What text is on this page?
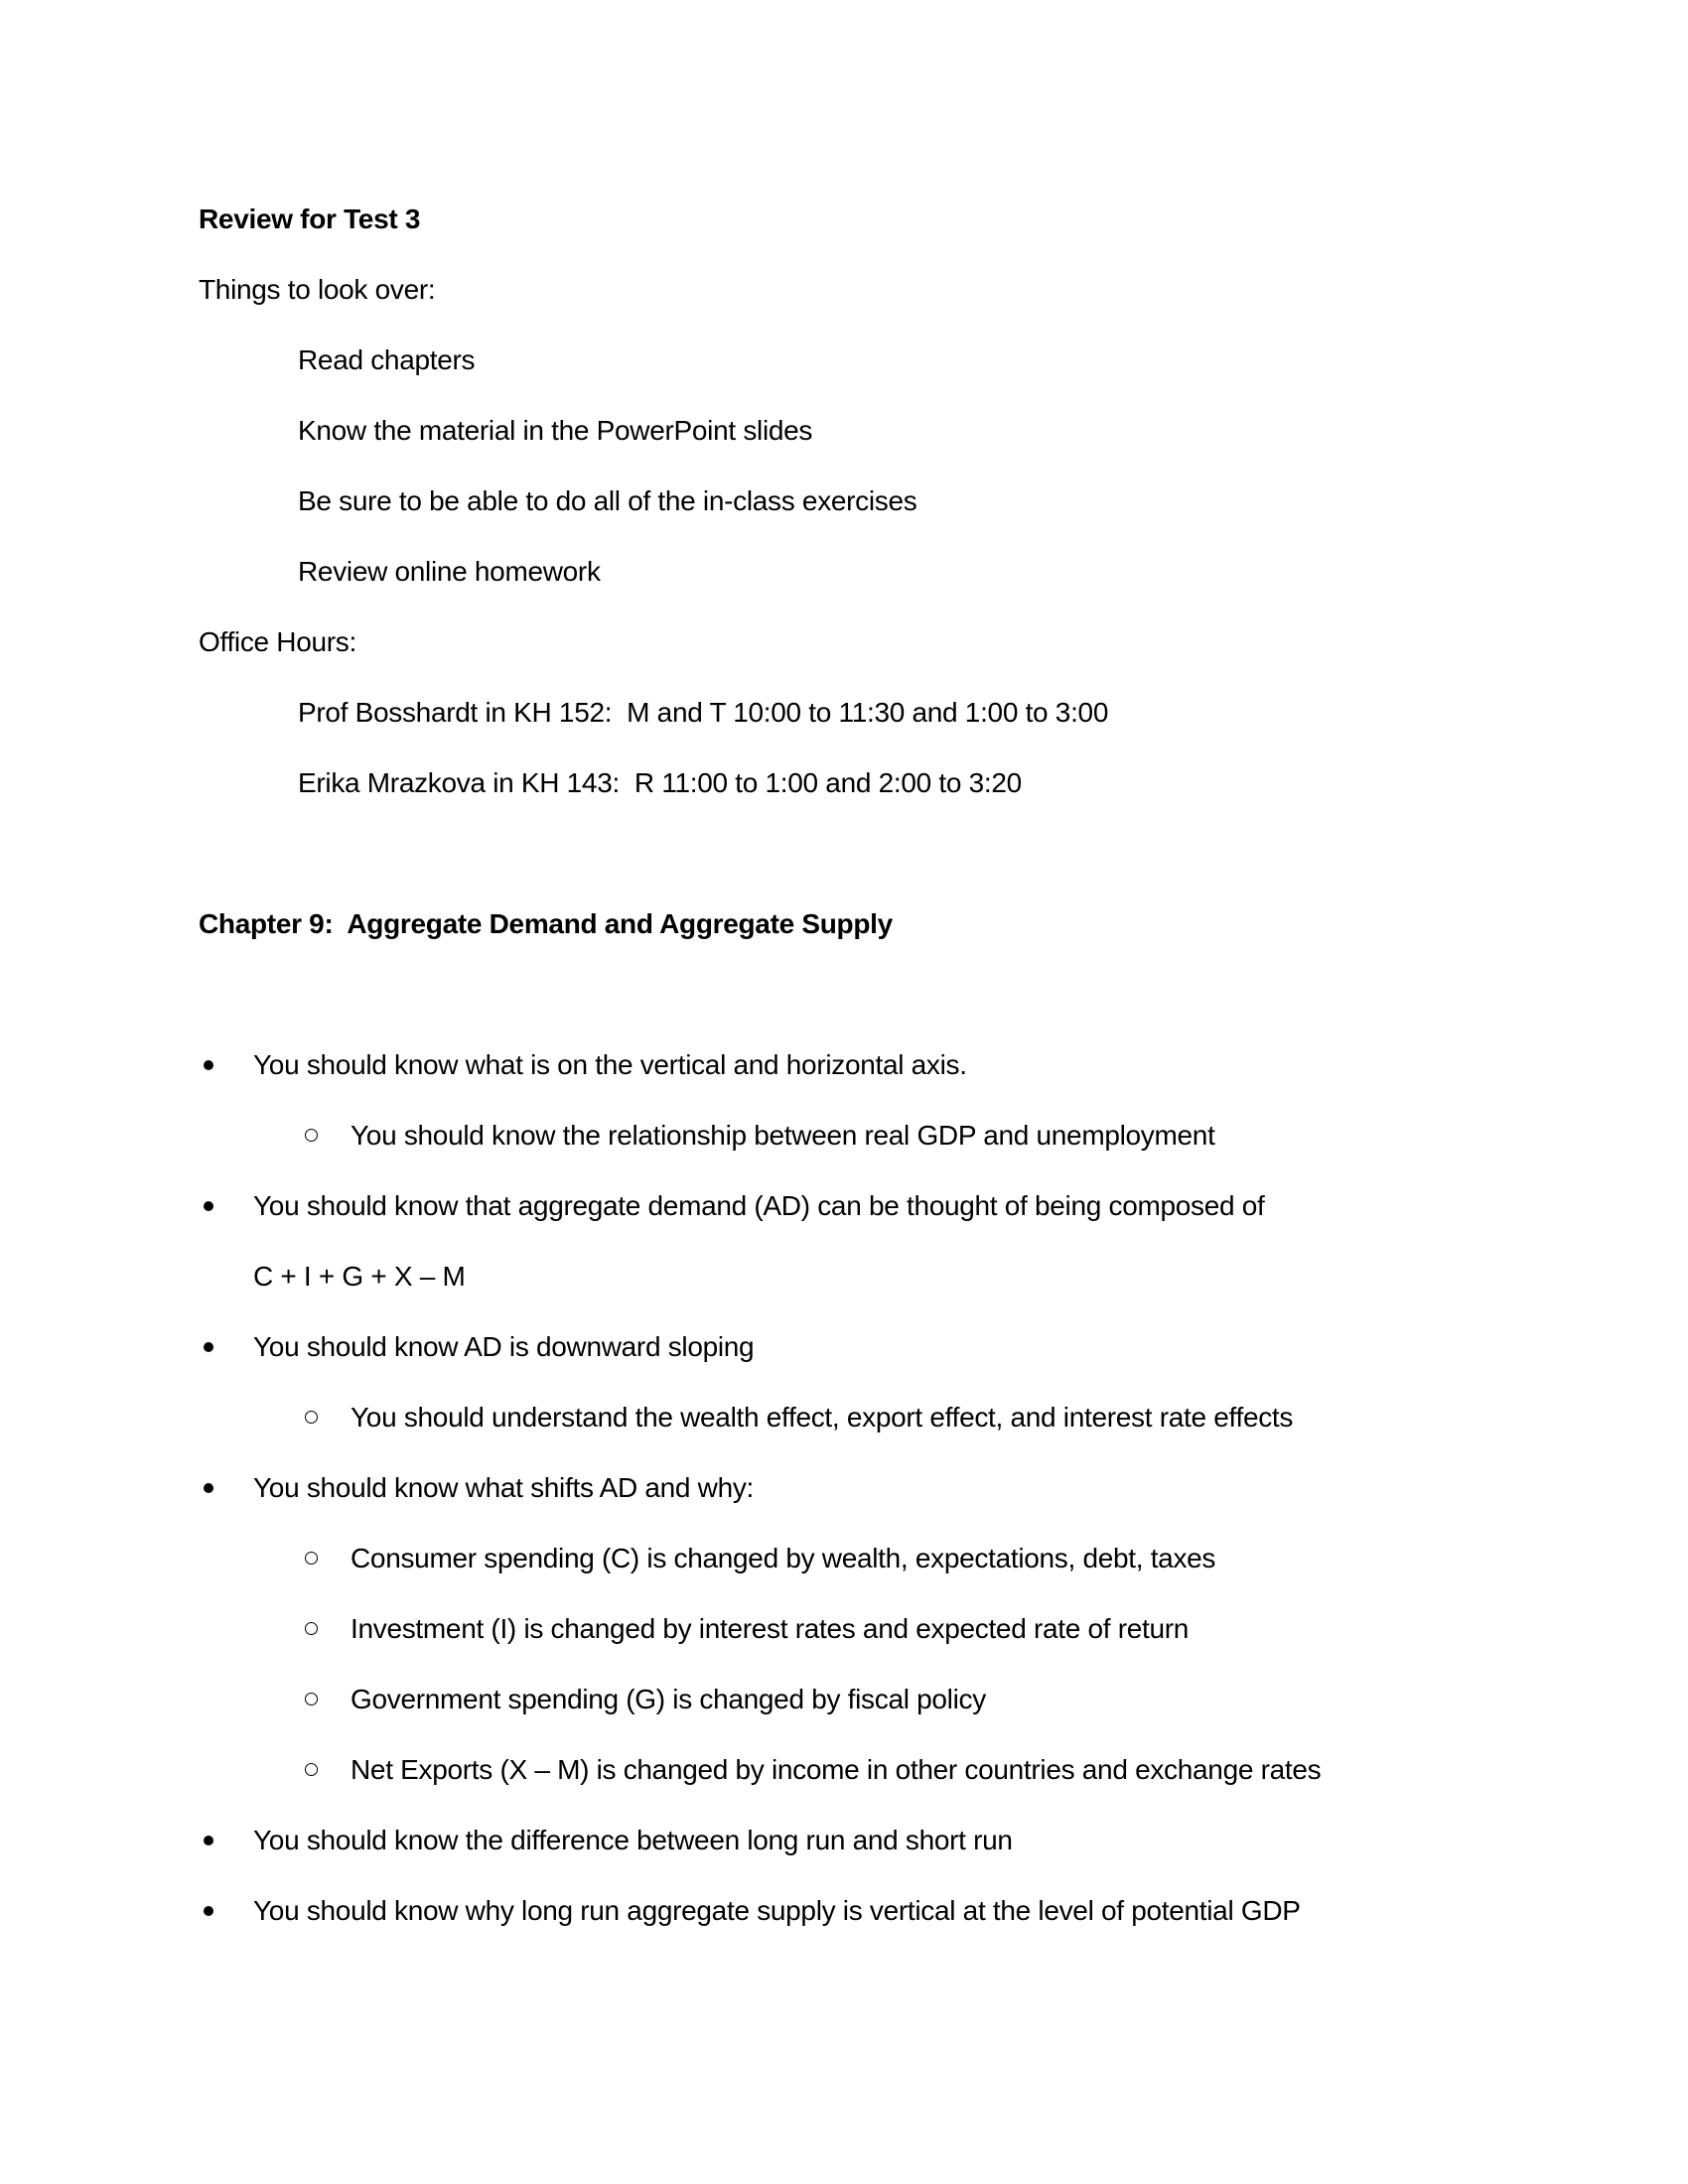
Review for Test 3
Things to look over:
Read chapters
Know the material in the PowerPoint slides
Be sure to be able to do all of the in-class exercises
Review online homework
Office Hours:
Prof Bosshardt in KH 152:  M and T 10:00 to 11:30 and 1:00 to 3:00
Erika Mrazkova in KH 143:  R 11:00 to 1:00 and 2:00 to 3:20
Chapter 9:  Aggregate Demand and Aggregate Supply
You should know what is on the vertical and horizontal axis.
You should know the relationship between real GDP and unemployment
You should know that aggregate demand (AD) can be thought of being composed of
C + I + G + X – M
You should know AD is downward sloping
You should understand the wealth effect, export effect, and interest rate effects
You should know what shifts AD and why:
Consumer spending (C) is changed by wealth, expectations, debt, taxes
Investment (I) is changed by interest rates and expected rate of return
Government spending (G) is changed by fiscal policy
Net Exports (X – M) is changed by income in other countries and exchange rates
You should know the difference between long run and short run
You should know why long run aggregate supply is vertical at the level of potential GDP
